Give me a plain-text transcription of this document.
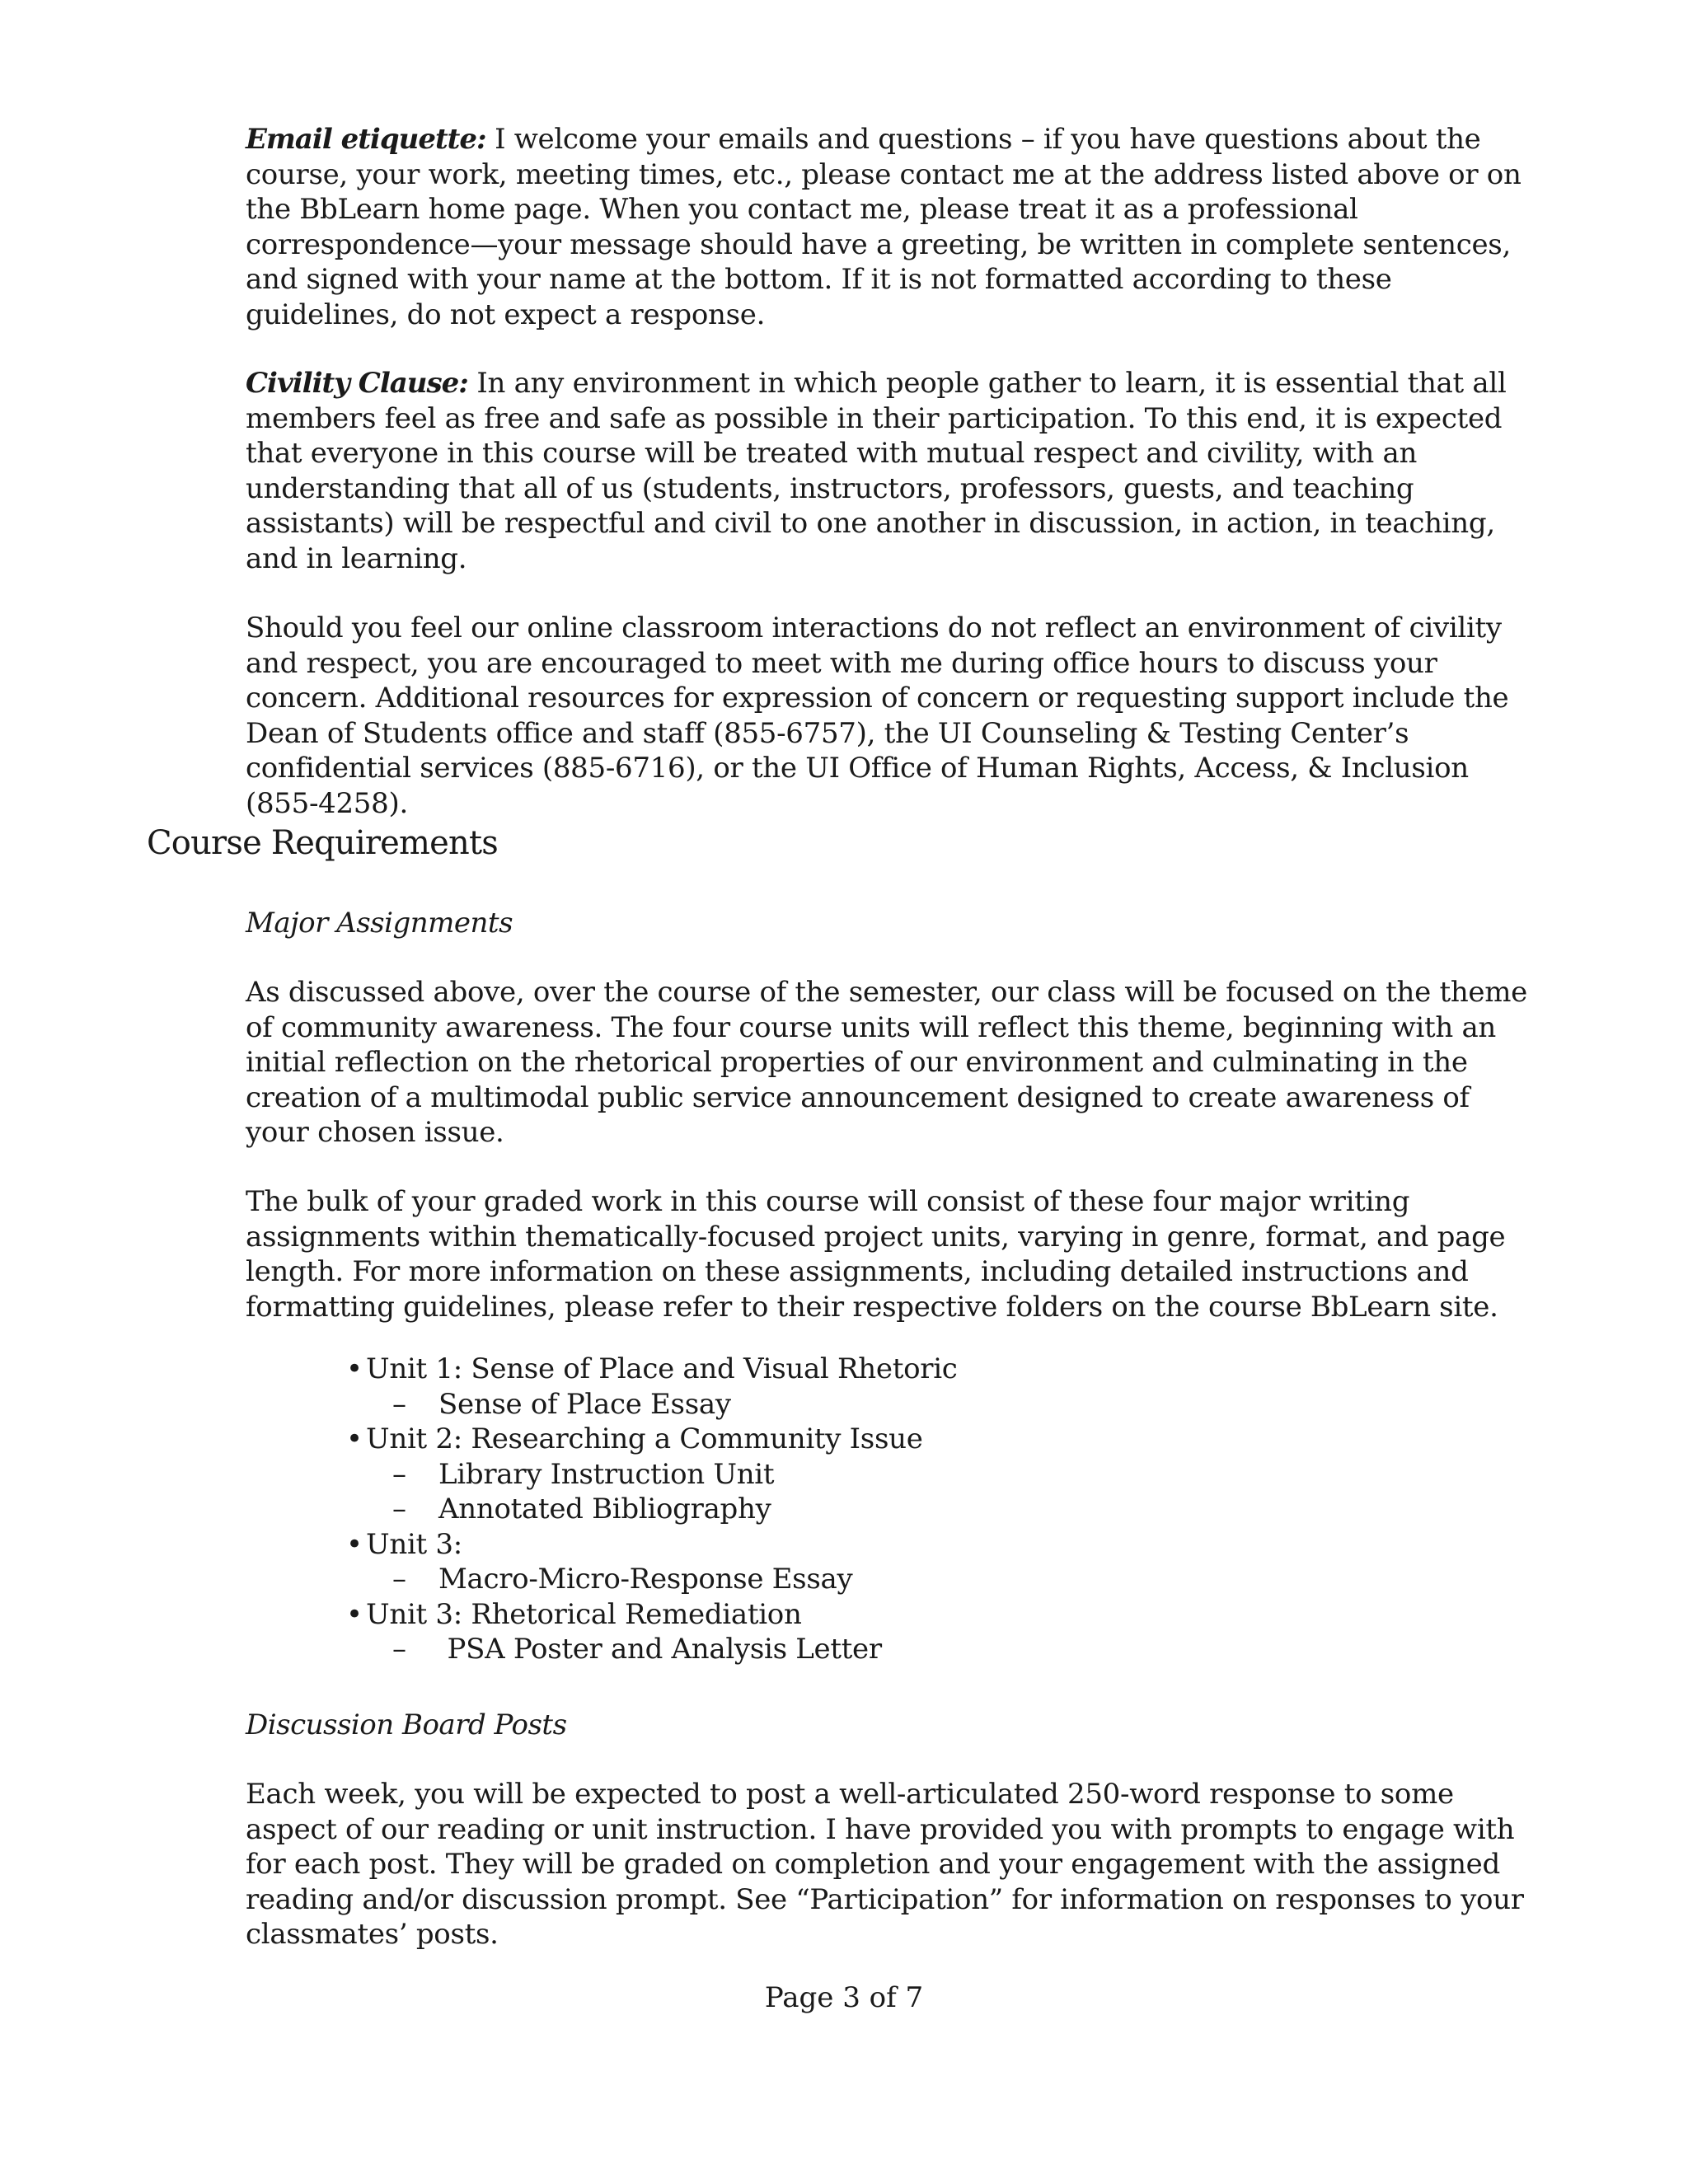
Email etiquette: I welcome your emails and questions – if you have questions about the course, your work, meeting times, etc., please contact me at the address listed above or on the BbLearn home page. When you contact me, please treat it as a professional correspondence—your message should have a greeting, be written in complete sentences, and signed with your name at the bottom. If it is not formatted according to these guidelines, do not expect a response.

Civility Clause: In any environment in which people gather to learn, it is essential that all members feel as free and safe as possible in their participation. To this end, it is expected that everyone in this course will be treated with mutual respect and civility, with an understanding that all of us (students, instructors, professors, guests, and teaching assistants) will be respectful and civil to one another in discussion, in action, in teaching, and in learning.

Should you feel our online classroom interactions do not reflect an environment of civility and respect, you are encouraged to meet with me during office hours to discuss your concern. Additional resources for expression of concern or requesting support include the Dean of Students office and staff (855-6757), the UI Counseling & Testing Center’s confidential services (885-6716), or the UI Office of Human Rights, Access, & Inclusion (855-4258).

Course Requirements
Major Assignments

As discussed above, over the course of the semester, our class will be focused on the theme of community awareness. The four course units will reflect this theme, beginning with an initial reflection on the rhetorical properties of our environment and culminating in the creation of a multimodal public service announcement designed to create awareness of your chosen issue.

The bulk of your graded work in this course will consist of these four major writing assignments within thematically-focused project units, varying in genre, format, and page length. For more information on these assignments, including detailed instructions and formatting guidelines, please refer to their respective folders on the course BbLearn site.

• Unit 1: Sense of Place and Visual Rhetoric
– Sense of Place Essay
• Unit 2: Researching a Community Issue
– Library Instruction Unit
– Annotated Bibliography
• Unit 3:
– Macro-Micro-Response Essay
• Unit 3: Rhetorical Remediation
– PSA Poster and Analysis Letter
Discussion Board Posts

Each week, you will be expected to post a well-articulated 250-word response to some aspect of our reading or unit instruction. I have provided you with prompts to engage with for each post. They will be graded on completion and your engagement with the assigned reading and/or discussion prompt. See “Participation” for information on responses to your classmates’ posts.

Page 3 of 7
